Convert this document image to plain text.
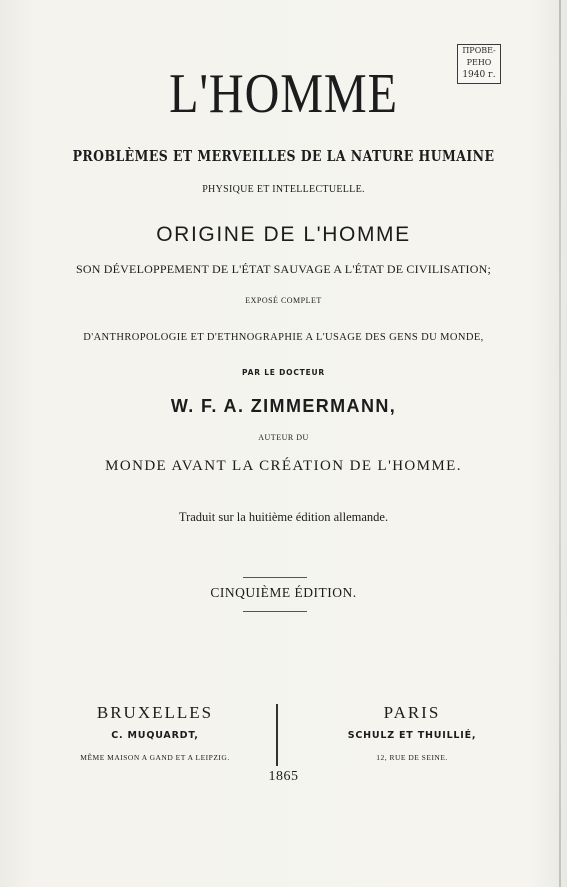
ПРОВЕ-
РЕНО
1940 г.
L'HOMME
PROBLÈMES ET MERVEILLES DE LA NATURE HUMAINE
PHYSIQUE ET INTELLECTUELLE.
ORIGINE DE L'HOMME
SON DÉVELOPPEMENT DE L'ÉTAT SAUVAGE A L'ÉTAT DE CIVILISATION;
EXPOSÉ COMPLET
D'ANTHROPOLOGIE ET D'ETHNOGRAPHIE A L'USAGE DES GENS DU MONDE,
PAR LE DOCTEUR
W. F. A. ZIMMERMANN,
AUTEUR DU
MONDE AVANT LA CRÉATION DE L'HOMME.
Traduit sur la huitième édition allemande.
CINQUIÈME ÉDITION.
BRUXELLES
C. MUQUARDT,
MÊME MAISON A GAND ET A LEIPZIG.
PARIS
SCHULZ ET THUILLIÉ,
12, RUE DE SEINE.
1865
